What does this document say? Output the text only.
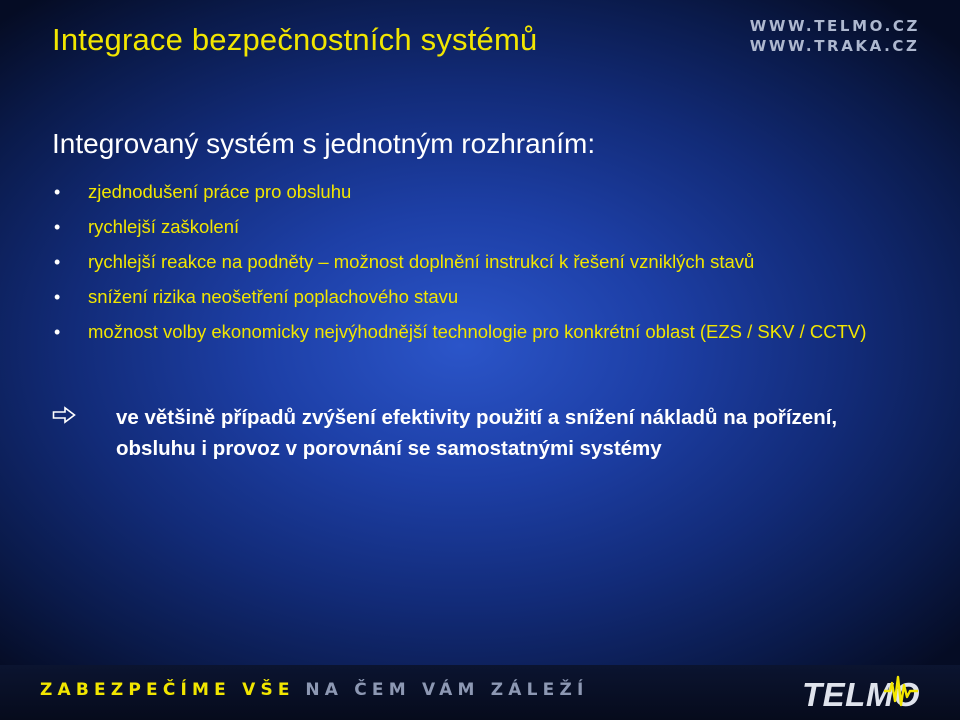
Integrace bezpečnostních systémů	WWW.TELMO.CZ
WWW.TRAKA.CZ
Integrovaný systém s jednotným rozhraním:
• zjednodušení práce pro obsluhu
• rychlejší zaškolení
• rychlejší reakce na podněty – možnost doplnění instrukcí k řešení vzniklých stavů
• snížení rizika neošetření poplachového stavu
• možnost volby ekonomicky nejvýhodnější technologie pro konkrétní oblast (EZS / SKV / CCTV)
ve většině případů zvýšení efektivity použití a snížení nákladů na pořízení, obsluhu i provoz v porovnání se samostatnými systémy
ZABEZPEČÍME VŠE NA ČEM VÁM ZÁLEŽÍ	TELMO
